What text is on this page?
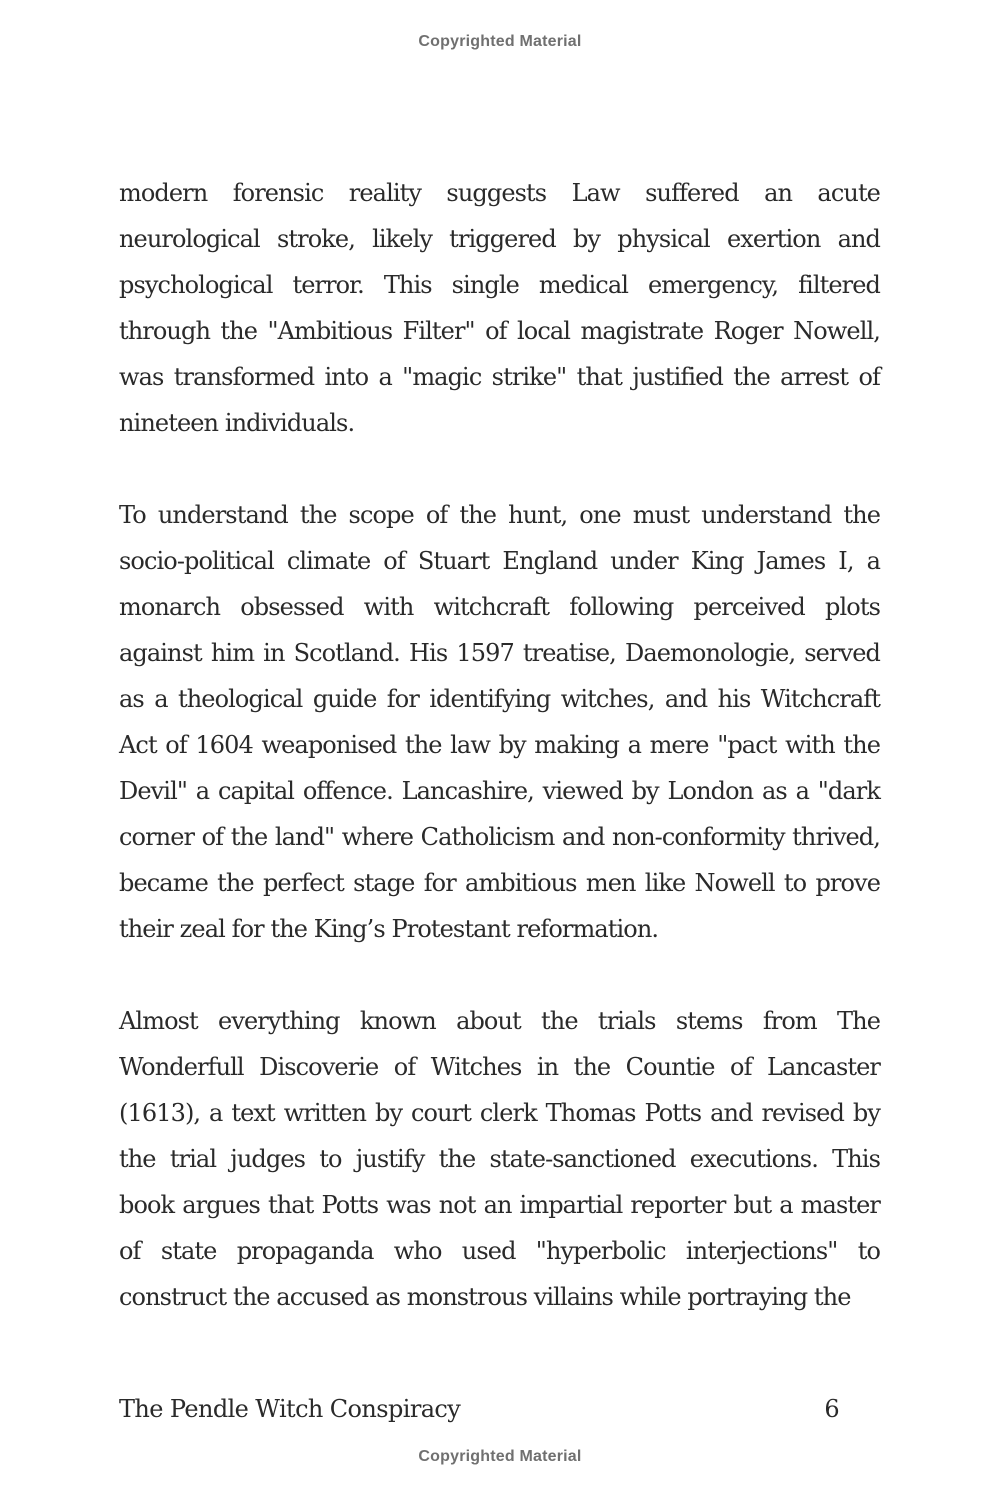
Copyrighted Material

modern forensic reality suggests Law suffered an acute neurological stroke, likely triggered by physical exertion and psychological terror. This single medical emergency, filtered through the "Ambitious Filter" of local magistrate Roger Nowell, was transformed into a "magic strike" that justified the arrest of nineteen individuals.

To understand the scope of the hunt, one must understand the socio-political climate of Stuart England under King James I, a monarch obsessed with witchcraft following perceived plots against him in Scotland. His 1597 treatise, Daemonologie, served as a theological guide for identifying witches, and his Witchcraft Act of 1604 weaponised the law by making a mere "pact with the Devil" a capital offence. Lancashire, viewed by London as a "dark corner of the land" where Catholicism and non-conformity thrived, became the perfect stage for ambitious men like Nowell to prove their zeal for the King’s Protestant reformation.

Almost everything known about the trials stems from The Wonderfull Discoverie of Witches in the Countie of Lancaster (1613), a text written by court clerk Thomas Potts and revised by the trial judges to justify the state-sanctioned executions. This book argues that Potts was not an impartial reporter but a master of state propaganda who used "hyperbolic interjections" to construct the accused as monstrous villains while portraying the

The Pendle Witch Conspiracy	6
Copyrighted Material
